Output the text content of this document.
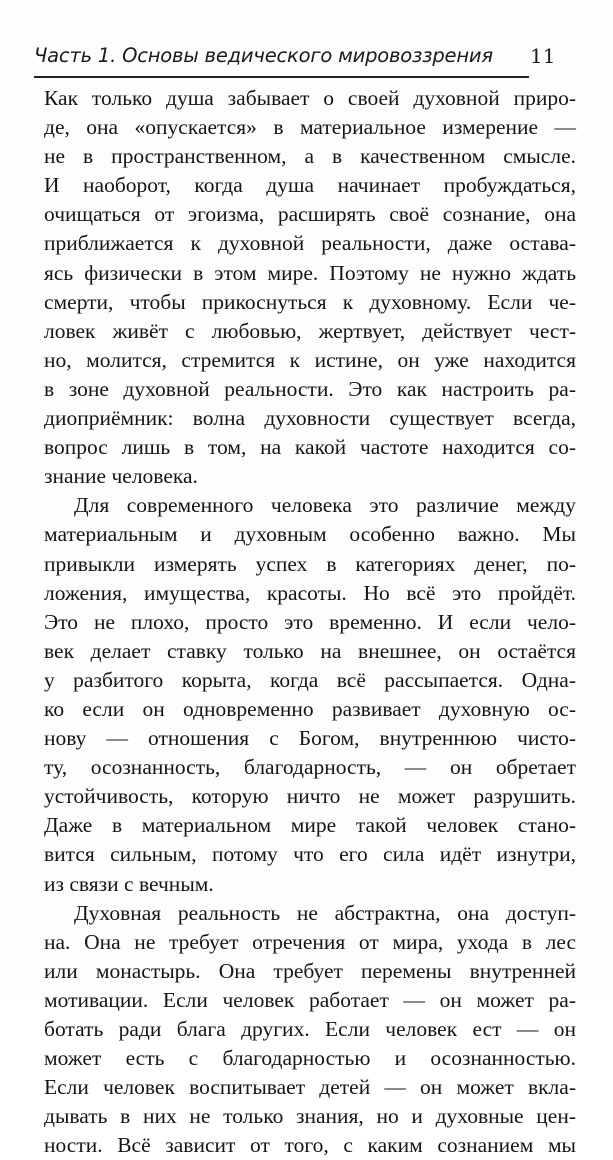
Часть 1. Основы ведического мировоззрения	11
Как только душа забывает о своей духовной приро-
де, она «опускается» в материальное измерение —
не в пространственном, а в качественном смысле.
И наоборот, когда душа начинает пробуждаться,
очищаться от эгоизма, расширять своё сознание, она
приближается к духовной реальности, даже остава-
ясь физически в этом мире. Поэтому не нужно ждать
смерти, чтобы прикоснуться к духовному. Если че-
ловек живёт с любовью, жертвует, действует чест-
но, молится, стремится к истине, он уже находится
в зоне духовной реальности. Это как настроить ра-
диоприёмник: волна духовности существует всегда,
вопрос лишь в том, на какой частоте находится со-
знание человека.
Для современного человека это различие между
материальным и духовным особенно важно. Мы
привыкли измерять успех в категориях денег, по-
ложения, имущества, красоты. Но всё это пройдёт.
Это не плохо, просто это временно. И если чело-
век делает ставку только на внешнее, он остаётся
у разбитого корыта, когда всё рассыпается. Одна-
ко если он одновременно развивает духовную ос-
нову — отношения с Богом, внутреннюю чисто-
ту, осознанность, благодарность, — он обретает
устойчивость, которую ничто не может разрушить.
Даже в материальном мире такой человек стано-
вится сильным, потому что его сила идёт изнутри,
из связи с вечным.
Духовная реальность не абстрактна, она доступ-
на. Она не требует отречения от мира, ухода в лес
или монастырь. Она требует перемены внутренней
мотивации. Если человек работает — он может ра-
ботать ради блага других. Если человек ест — он
может есть с благодарностью и осознанностью.
Если человек воспитывает детей — он может вкла-
дывать в них не только знания, но и духовные цен-
ности. Всё зависит от того, с каким сознанием мы
